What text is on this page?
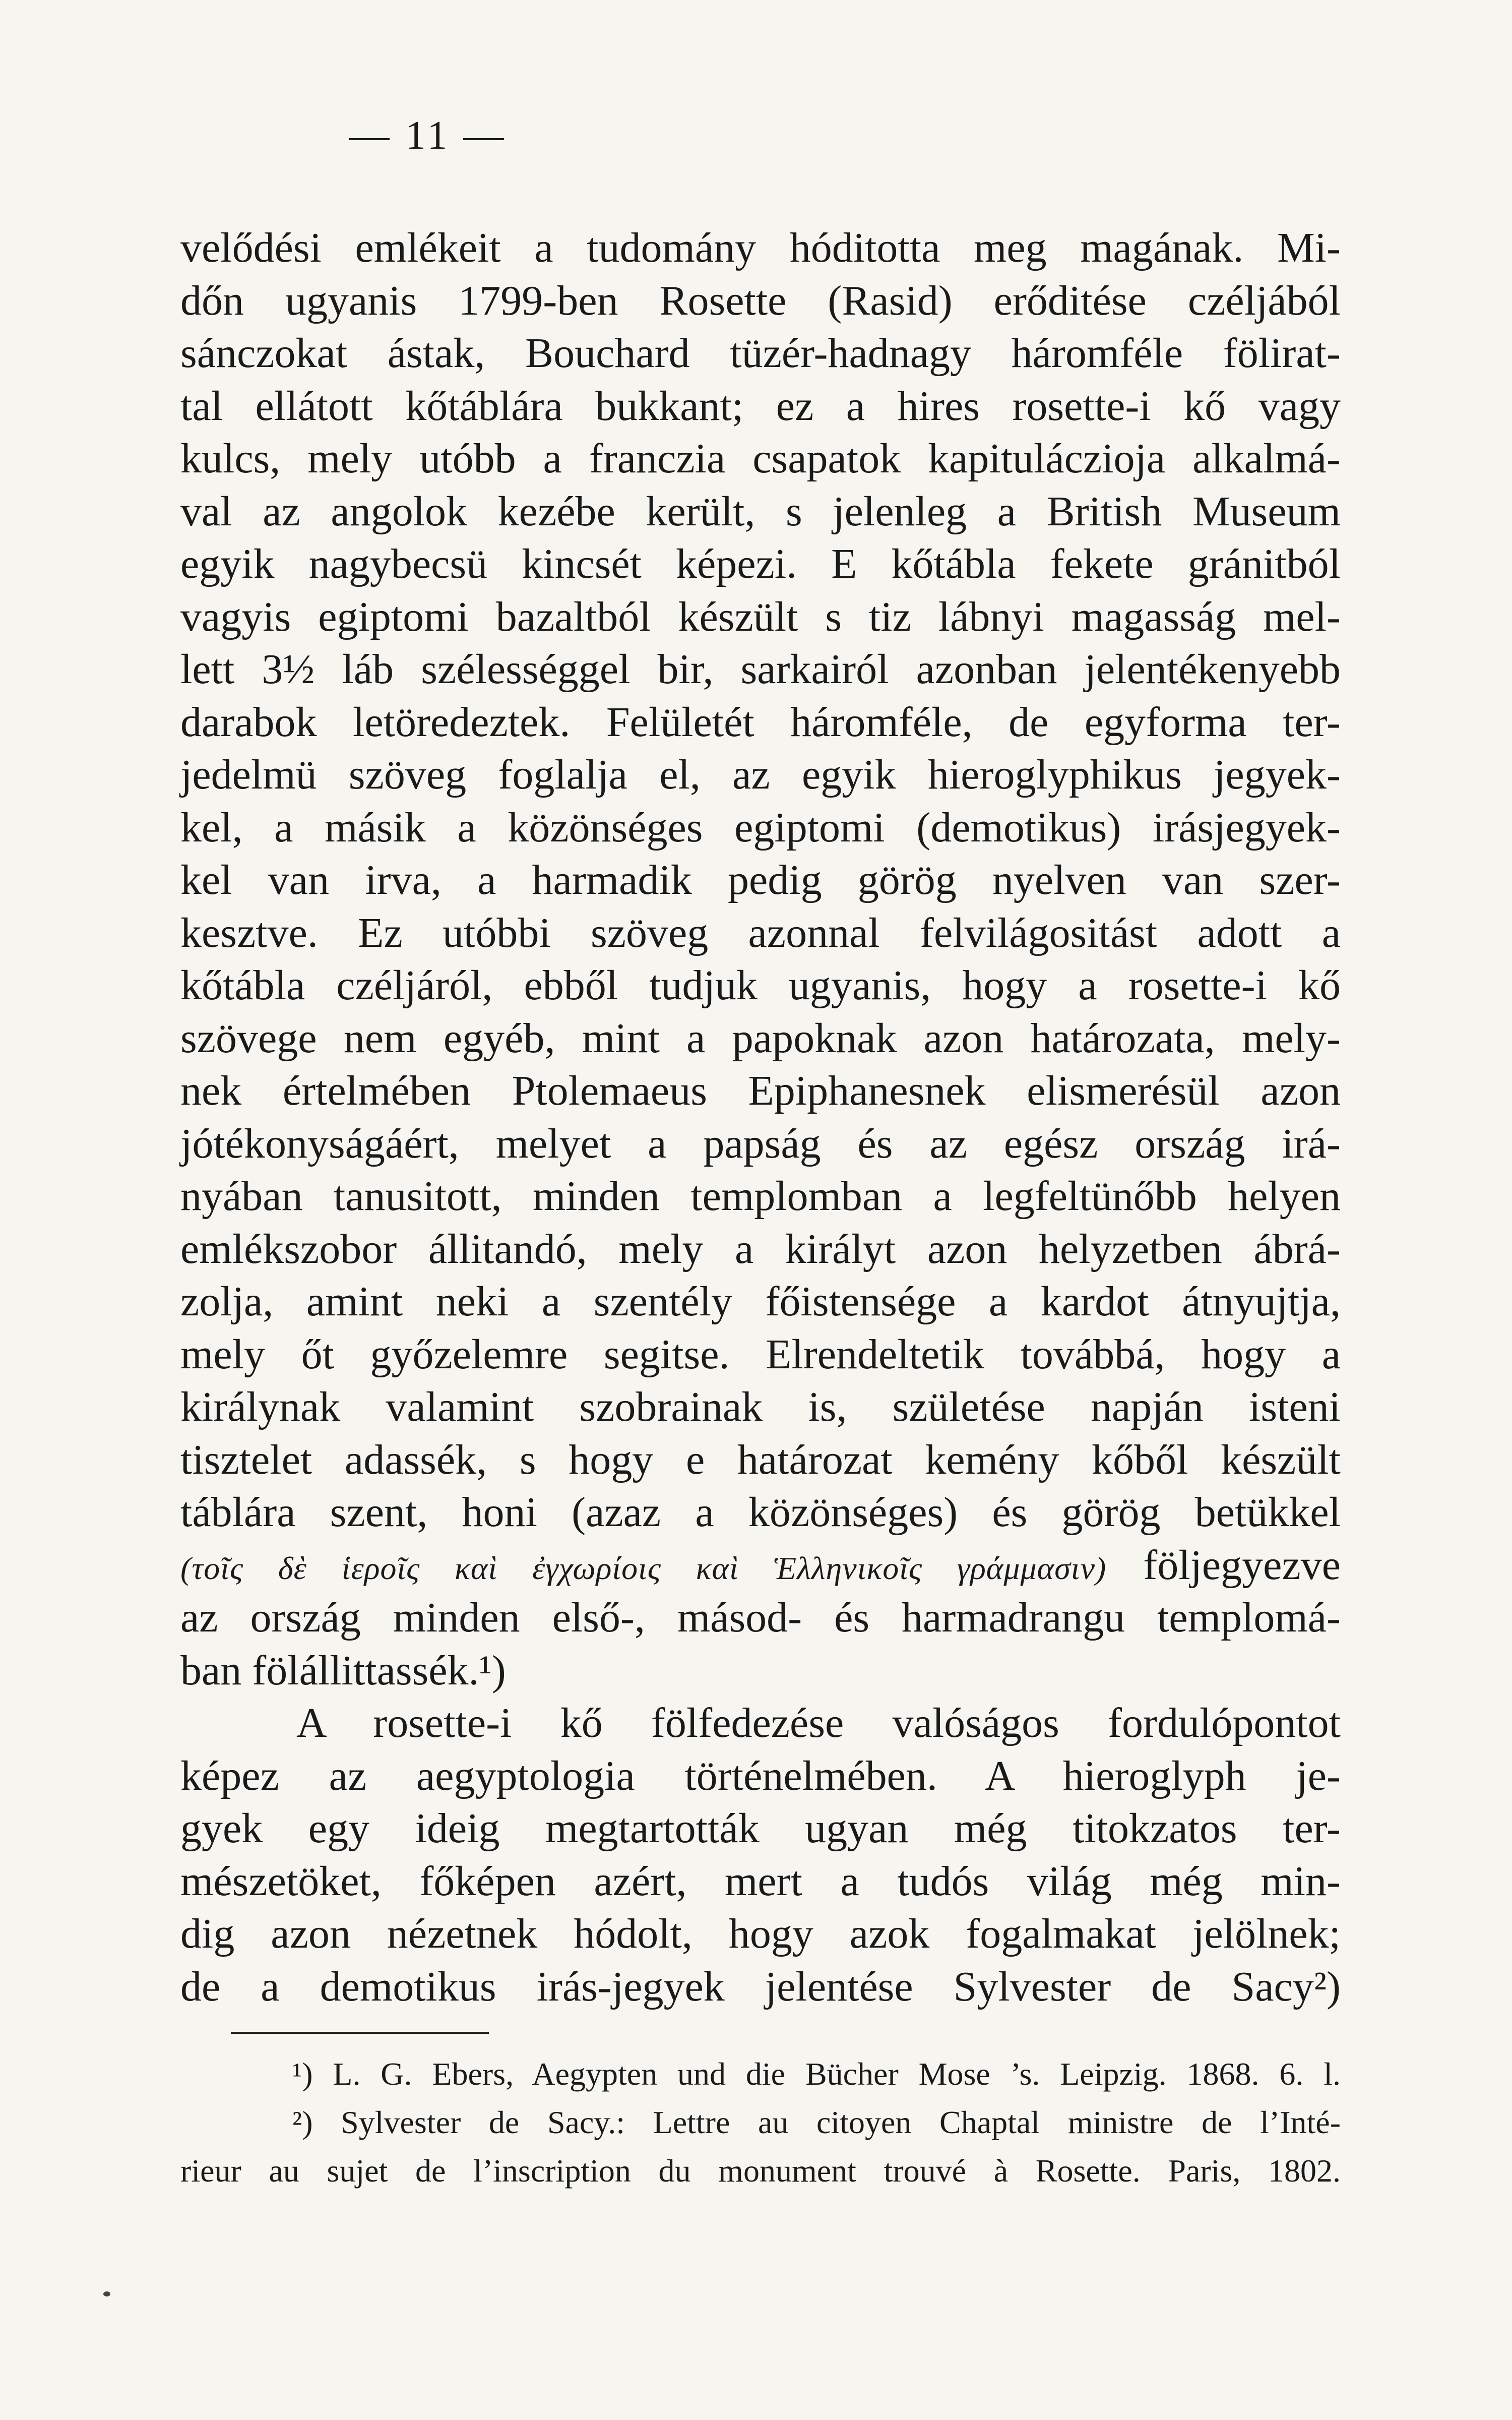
— 11 —
velődési emlékeit a tudomány hóditotta meg magának. Mi-
dőn ugyanis 1799-ben Rosette (Rasid) erőditése czéljából
sánczokat ástak, Bouchard tüzér-hadnagy háromféle fölirat-
tal ellátott kőtáblára bukkant; ez a hires rosette-i kő vagy
kulcs, mely utóbb a franczia csapatok kapituláczioja alkalmá-
val az angolok kezébe került, s jelenleg a British Museum
egyik nagybecsü kincsét képezi. E kőtábla fekete gránitból
vagyis egiptomi bazaltból készült s tiz lábnyi magasság mel-
lett 3½ láb szélességgel bir, sarkairól azonban jelentékenyebb
darabok letöredeztek. Felületét háromféle, de egyforma ter-
jedelmü szöveg foglalja el, az egyik hieroglyphikus jegyek-
kel, a másik a közönséges egiptomi (demotikus) irásjegyek-
kel van irva, a harmadik pedig görög nyelven van szer-
kesztve. Ez utóbbi szöveg azonnal felvilágositást adott a
kőtábla czéljáról, ebből tudjuk ugyanis, hogy a rosette-i kő
szövege nem egyéb, mint a papoknak azon határozata, mely-
nek értelmében Ptolemaeus Epiphanesnek elismerésül azon
jótékonyságáért, melyet a papság és az egész ország irá-
nyában tanusitott, minden templomban a legfeltünőbb helyen
emlékszobor állitandó, mely a királyt azon helyzetben ábrá-
zolja, amint neki a szentély főistensége a kardot átnyujtja,
mely őt győzelemre segitse. Elrendeltetik továbbá, hogy a
királynak valamint szobrainak is, születése napján isteni
tisztelet adassék, s hogy e határozat kemény kőből készült
táblára szent, honi (azaz a közönséges) és görög betükkel
(τοῖς δὲ ἱεροῖς καὶ ἐγχωρίοις καὶ Ἑλληνικοῖς γράμμασιν) följegyezve
az ország minden első-, másod- és harmadrangu templomá-
ban fölállittassék.¹)
A rosette-i kő fölfedezése valóságos fordulópontot
képez az aegyptologia történelmében. A hieroglyph je-
gyek egy ideig megtartották ugyan még titokzatos ter-
mészetöket, főképen azért, mert a tudós világ még min-
dig azon nézetnek hódolt, hogy azok fogalmakat jelölnek;
de a demotikus irás-jegyek jelentése Sylvester de Sacy²)
¹) L. G. Ebers, Aegypten und die Bücher Mose ’s. Leipzig. 1868. 6. l.
²) Sylvester de Sacy.: Lettre au citoyen Chaptal ministre de l’Inté-
rieur au sujet de l’inscription du monument trouvé à Rosette. Paris, 1802.
